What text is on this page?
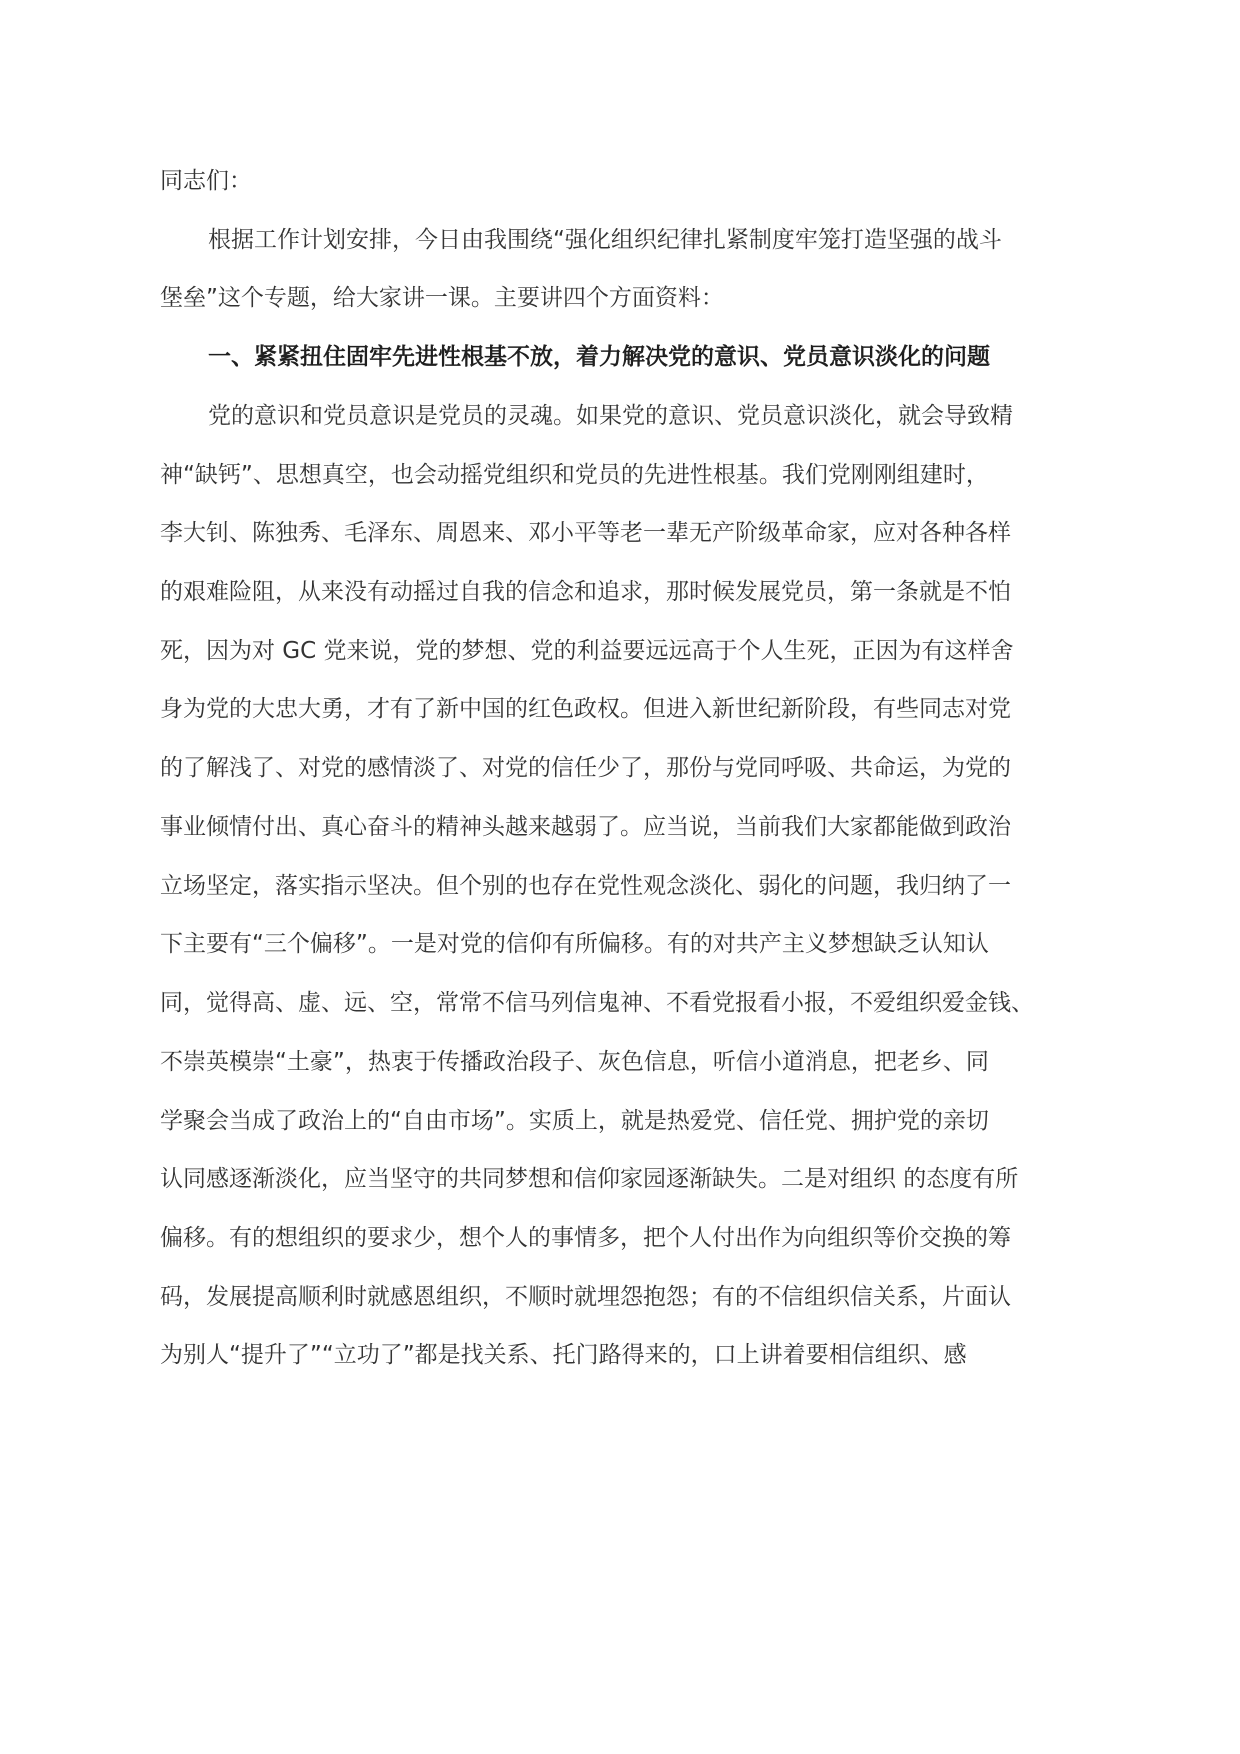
同志们：
根据工作计划安排，今日由我围绕“强化组织纪律扎紧制度牢笼打造坚强的战斗
堡垒”这个专题，给大家讲一课。主要讲四个方面资料：
一、紧紧扭住固牢先进性根基不放，着力解决党的意识、党员意识淡化的问题
党的意识和党员意识是党员的灵魂。如果党的意识、党员意识淡化，就会导致精
神“缺钙”、思想真空，也会动摇党组织和党员的先进性根基。我们党刚刚组建时，
李大钊、陈独秀、毛泽东、周恩来、邓小平等老一辈无产阶级革命家，应对各种各样
的艰难险阻，从来没有动摇过自我的信念和追求，那时候发展党员，第一条就是不怕
死，因为对 GC 党来说，党的梦想、党的利益要远远高于个人生死，正因为有这样舍
身为党的大忠大勇，才有了新中国的红色政权。但进入新世纪新阶段，有些同志对党
的了解浅了、对党的感情淡了、对党的信任少了，那份与党同呼吸、共命运，为党的
事业倾情付出、真心奋斗的精神头越来越弱了。应当说，当前我们大家都能做到政治
立场坚定，落实指示坚决。但个别的也存在党性观念淡化、弱化的问题，我归纳了一
下主要有“三个偏移”。一是对党的信仰有所偏移。有的对共产主义梦想缺乏认知认
同，觉得高、虚、远、空，常常不信马列信鬼神、不看党报看小报，不爱组织爱金钱、
不崇英模崇“土豪”，热衷于传播政治段子、灰色信息，听信小道消息，把老乡、同
学聚会当成了政治上的“自由市场”。实质上，就是热爱党、信任党、拥护党的亲切
认同感逐渐淡化，应当坚守的共同梦想和信仰家园逐渐缺失。二是对组织 的态度有所
偏移。有的想组织的要求少，想个人的事情多，把个人付出作为向组织等价交换的筹
码，发展提高顺利时就感恩组织，不顺时就埋怨抱怨；有的不信组织信关系，片面认
为别人“提升了”“立功了”都是找关系、托门路得来的，口上讲着要相信组织、感
